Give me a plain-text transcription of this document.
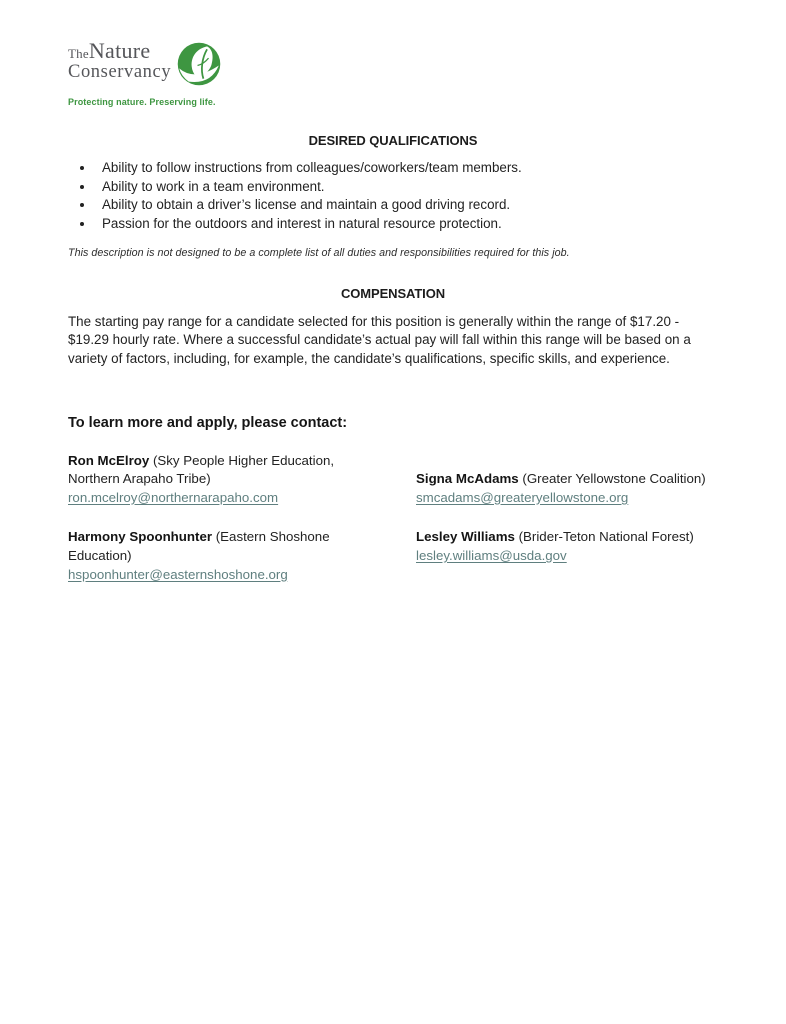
The Nature
Conservancy
Protecting nature. Preserving life.
DESIRED QUALIFICATIONS
• Ability to follow instructions from colleagues/coworkers/team members.
• Ability to work in a team environment.
• Ability to obtain a driver’s license and maintain a good driving record.
• Passion for the outdoors and interest in natural resource protection.

This description is not designed to be a complete list of all duties and responsibilities required for this job.

COMPENSATION

The starting pay range for a candidate selected for this position is generally within the range of $17.20 - $19.29 hourly rate. Where a successful candidate’s actual pay will fall within this range will be based on a variety of factors, including, for example, the candidate’s qualifications, specific skills, and experience.

To learn more and apply, please contact:

Ron McElroy (Sky People Higher Education, Northern Arapaho Tribe)

ron.mcelroy@northernarapaho.com

Signa McAdams (Greater Yellowstone Coalition)

smcadams@greateryellowstone.org

Harmony Spoonhunter (Eastern Shoshone Education)

hspoonhunter@easternshoshone.org

Lesley Williams (Brider-Teton National Forest)

lesley.williams@usda.gov
